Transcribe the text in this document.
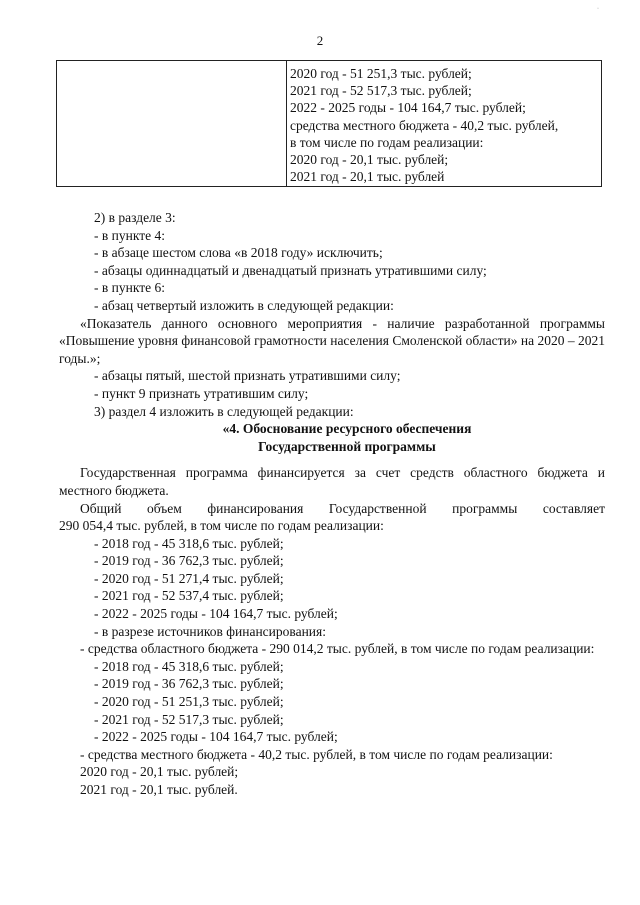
2
·
2020 год - 51 251,3 тыс. рублей;
2021 год - 52 517,3 тыс. рублей;
2022 - 2025 годы - 104 164,7 тыс. рублей;
средства местного бюджета - 40,2 тыс. рублей,
в том числе по годам реализации:
2020 год - 20,1 тыс. рублей;
2021 год - 20,1 тыс. рублей

2) в разделе 3:

- в пункте 4:

- в абзаце шестом слова «в 2018 году» исключить;

- абзацы одиннадцатый и двенадцатый признать утратившими силу;

- в пункте 6:

- абзац четвертый изложить в следующей редакции:

«Показатель данного основного мероприятия - наличие разработанной программы «Повышение уровня финансовой грамотности населения Смоленской области» на 2020 – 2021 годы.»;

- абзацы пятый, шестой признать утратившими силу;

- пункт 9 признать утратившим силу;

3) раздел 4 изложить в следующей редакции:

«4. Обоснование ресурсного обеспечения

Государственной программы

Государственная программа финансируется за счет средств областного бюджета и местного бюджета.

Общий объем финансирования Государственной программы составляет

290 054,4 тыс. рублей, в том числе по годам реализации:

- 2018 год - 45 318,6 тыс. рублей;

- 2019 год - 36 762,3 тыс. рублей;

- 2020 год - 51 271,4 тыс. рублей;

- 2021 год - 52 537,4 тыс. рублей;

- 2022 - 2025 годы - 104 164,7 тыс. рублей;

- в разрезе источников финансирования:

- средства областного бюджета - 290 014,2 тыс. рублей, в том числе по годам реализации:

- 2018 год - 45 318,6 тыс. рублей;

- 2019 год - 36 762,3 тыс. рублей;

- 2020 год - 51 251,3 тыс. рублей;

- 2021 год - 52 517,3 тыс. рублей;

- 2022 - 2025 годы - 104 164,7 тыс. рублей;

- средства местного бюджета - 40,2 тыс. рублей, в том числе по годам реализации:

2020 год - 20,1 тыс. рублей;

2021 год - 20,1 тыс. рублей.
